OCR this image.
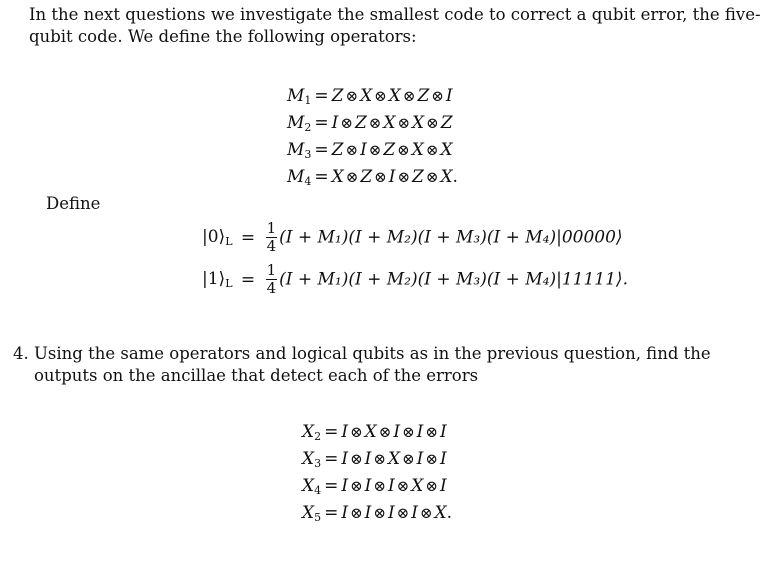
In the next questions we investigate the smallest code to correct a qubit error, the five-qubit code. We define the following operators:
$M_1 = Z$ ⊗ X ⊗ X ⊗ Z ⊗ I
$M_2 = I$ ⊗ Z ⊗ X ⊗ X ⊗ Z
$M_3 = Z$ ⊗ I ⊗ Z ⊗ X ⊗ X
$M_4 = X$ ⊗ Z ⊗ I ⊗ Z ⊗ X.
Define
$|0⟩_L = \frac{1}{4} (I + M_1)(I + M_2)(I + M_3)(I$ + M₄)|00000⟩
$|1⟩_L = \frac{1}{4} (I + M_1)(I + M_2)(I + M_3)(I$ + M₄)|11111⟩.
4. Using the same operators and logical qubits as in the previous question, find the outputs on the ancillae that detect each of the errors
$X_2 = I$ ⊗ X ⊗ I ⊗ I ⊗ I
$X_3 = I$ ⊗ I ⊗ X ⊗ I ⊗ I
$X_4 = I$ ⊗ I ⊗ I ⊗ X ⊗ I
$X_5 = I$ ⊗ I ⊗ I ⊗ I ⊗ X.
